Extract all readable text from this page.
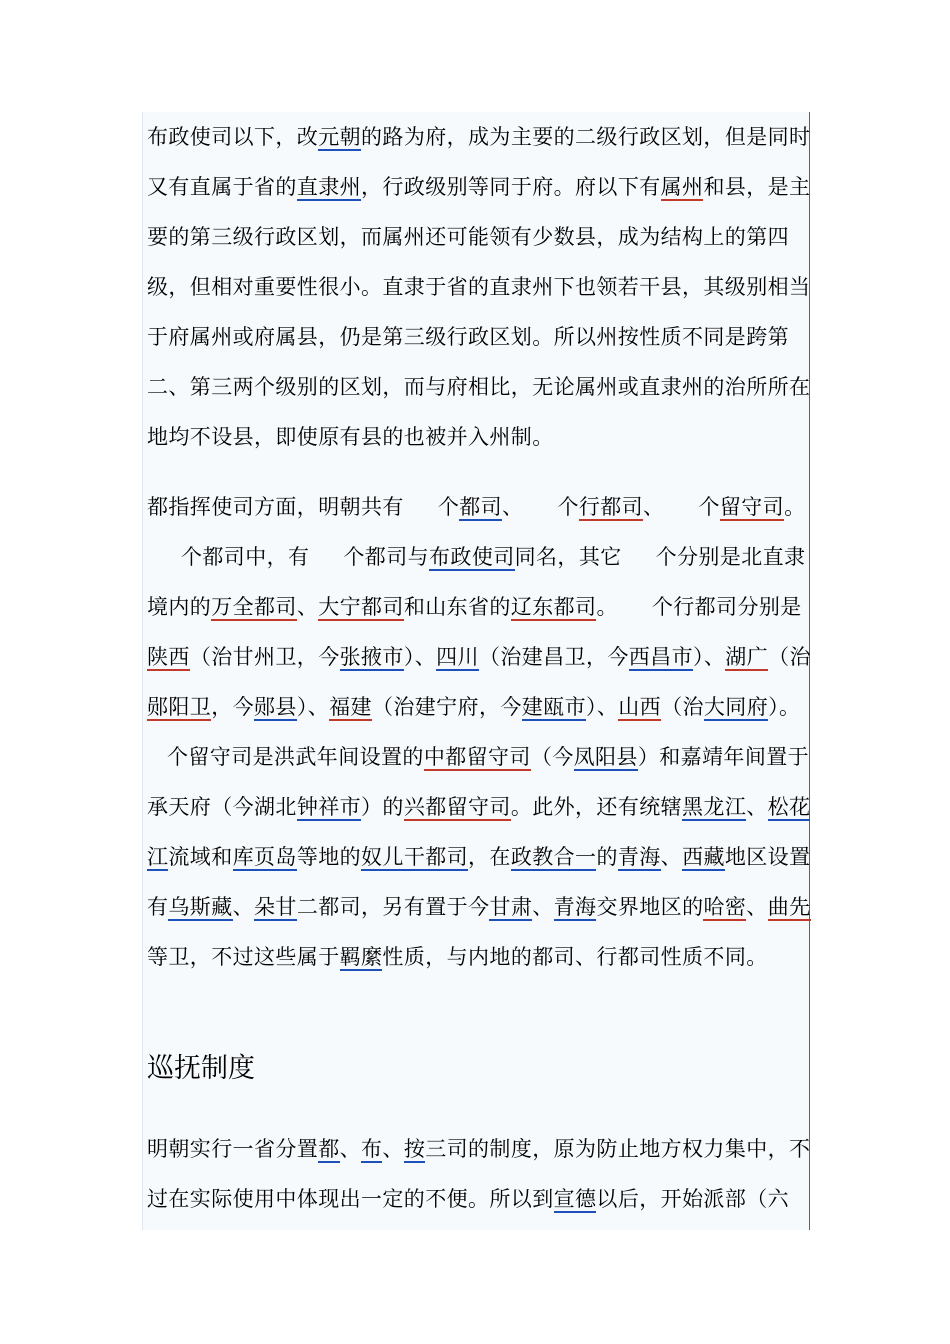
布政使司以下，改元朝的路为府，成为主要的二级行政区划，但是同时又有直属于省的直隶州，行政级别等同于府。府以下有属州和县，是主要的第三级行政区划，而属州还可能领有少数县，成为结构上的第四级，但相对重要性很小。直隶于省的直隶州下也领若干县，其级别相当于府属州或府属县，仍是第三级行政区划。所以州按性质不同是跨第二、第三两个级别的区划，而与府相比，无论属州或直隶州的治所所在地均不设县，即使原有县的也被并入州制。

都指挥使司方面，明朝共有 个都司、 个行都司、 个留守司。个都司中，有 个都司与布政使司同名，其它 个分别是北直隶境内的万全都司、大宁都司和山东省的辽东都司。 个行都司分别是陕西（治甘州卫，今张掖市）、四川（治建昌卫，今西昌市）、湖广（治郧阳卫，今郧县）、福建（治建宁府，今建瓯市）、山西（治大同府）。个留守司是洪武年间设置的中都留守司（今凤阳县）和嘉靖年间置于承天府（今湖北钟祥市）的兴都留守司。此外，还有统辖黑龙江、松花江流域和库页岛等地的奴儿干都司，在政教合一的青海、西藏地区设置有乌斯藏、朵甘二都司，另有置于今甘肃、青海交界地区的哈密、曲先等卫，不过这些属于羁縻性质，与内地的都司、行都司性质不同。

巡抚制度

明朝实行一省分置都、布、按三司的制度，原为防止地方权力集中，不过在实际使用中体现出一定的不便。所以到宣德以后，开始派部（六
